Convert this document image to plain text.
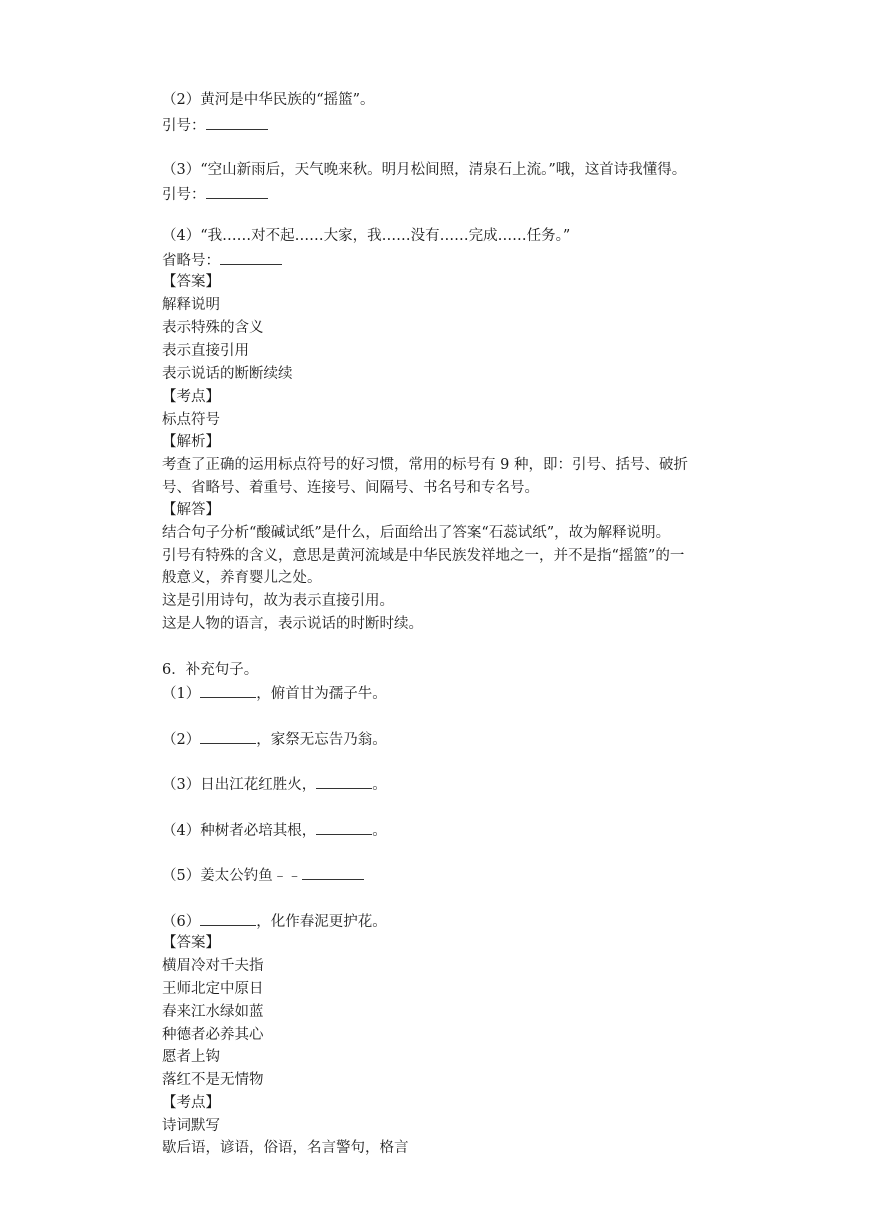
（2）黄河是中华民族的“摇篮”。
引号：
（3）“空山新雨后，天气晚来秋。明月松间照，清泉石上流。”哦，这首诗我懂得。
引号：
（4）“我……对不起……大家，我……没有……完成……任务。”
省略号：
【答案】
解释说明
表示特殊的含义
表示直接引用
表示说话的断断续续
【考点】
标点符号
【解析】
考查了正确的运用标点符号的好习惯，常用的标号有 9 种，即：引号、括号、破折
号、省略号、着重号、连接号、间隔号、书名号和专名号。
【解答】
结合句子分析“酸碱试纸”是什么，后面给出了答案“石蕊试纸”，故为解释说明。
引号有特殊的含义，意思是黄河流域是中华民族发祥地之一，并不是指“摇篮”的一
般意义，养育婴儿之处。
这是引用诗句，故为表示直接引用。
这是人物的语言，表示说话的时断时续。
6．补充句子。
（1）	，俯首甘为孺子牛。
（2）	，家祭无忘告乃翁。
（3）日出江花红胜火，	。
（4）种树者必培其根，	。
（5）姜太公钓鱼﹣﹣
（6）	，化作春泥更护花。
【答案】
横眉冷对千夫指
王师北定中原日
春来江水绿如蓝
种德者必养其心
愿者上钩
落红不是无情物
【考点】
诗词默写
歇后语，谚语，俗语，名言警句，格言
